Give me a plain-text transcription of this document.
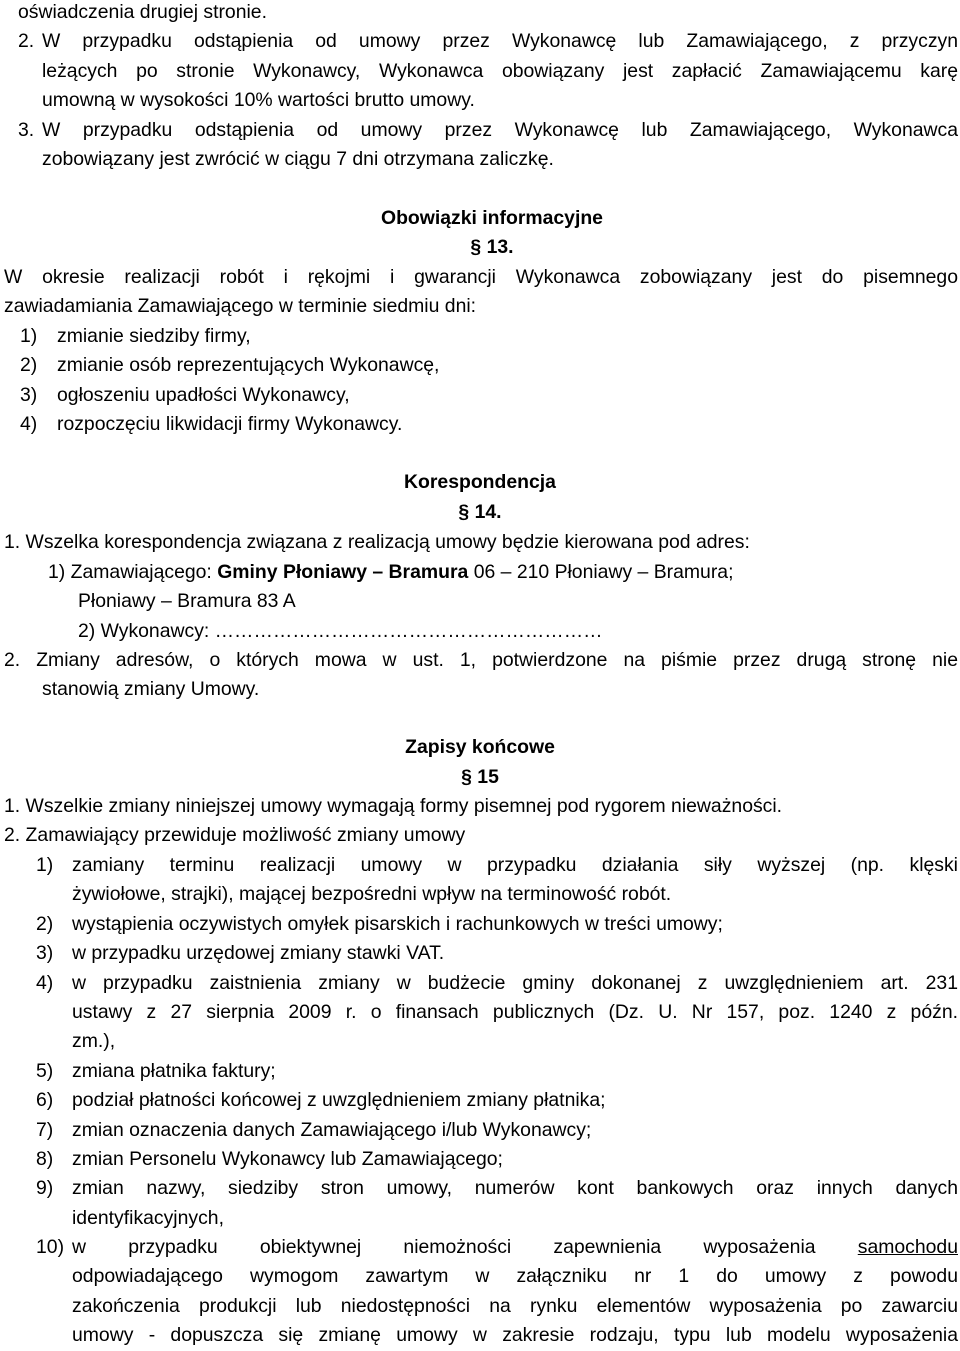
oświadczenia drugiej stronie.
2. W przypadku odstąpienia od umowy przez Wykonawcę lub Zamawiającego, z przyczyn
leżących po stronie Wykonawcy, Wykonawca obowiązany jest zapłacić Zamawiającemu karę
umowną w wysokości 10% wartości brutto umowy.
3. W przypadku odstąpienia od umowy przez Wykonawcę lub Zamawiającego, Wykonawca
zobowiązany jest zwrócić w ciągu 7 dni otrzymana zaliczkę.
Obowiązki informacyjne
§ 13.
W okresie realizacji robót i rękojmi i gwarancji Wykonawca zobowiązany jest do pisemnego
zawiadamiania Zamawiającego w terminie siedmiu dni:
1) zmianie siedziby firmy,
2) zmianie osób reprezentujących Wykonawcę,
3) ogłoszeniu upadłości Wykonawcy,
4) rozpoczęciu likwidacji firmy Wykonawcy.
Korespondencja
§ 14.
1. Wszelka korespondencja związana z realizacją umowy będzie kierowana pod adres:
1) Zamawiającego: Gminy Płoniawy – Bramura 06 – 210 Płoniawy – Bramura;
Płoniawy – Bramura 83 A
2) Wykonawcy: ……………………………………………………
2. Zmiany adresów, o których mowa w ust. 1, potwierdzone na piśmie przez drugą stronę nie
stanowią zmiany Umowy.
Zapisy końcowe
§ 15
1. Wszelkie zmiany niniejszej umowy wymagają formy pisemnej pod rygorem nieważności.
2. Zamawiający przewiduje możliwość zmiany umowy
1) zamiany terminu realizacji umowy w przypadku działania siły wyższej (np. klęski
żywiołowe, strajki), mającej bezpośredni wpływ na terminowość robót.
2) wystąpienia oczywistych omyłek pisarskich i rachunkowych w treści umowy;
3) w przypadku urzędowej zmiany stawki VAT.
4) w przypadku zaistnienia zmiany w budżecie gminy dokonanej z uwzględnieniem art. 231
ustawy z 27 sierpnia 2009 r. o finansach publicznych (Dz. U. Nr 157, poz. 1240 z późn.
zm.),
5) zmiana płatnika faktury;
6) podział płatności końcowej z uwzględnieniem zmiany płatnika;
7) zmian oznaczenia danych Zamawiającego i/lub Wykonawcy;
8) zmian Personelu Wykonawcy lub Zamawiającego;
9) zmian nazwy, siedziby stron umowy, numerów kont bankowych oraz innych danych
identyfikacyjnych,
10) w przypadku obiektywnej niemożności zapewnienia wyposażenia samochodu
odpowiadającego wymogom zawartym w załączniku nr 1 do umowy z powodu
zakończenia produkcji lub niedostępności na rynku elementów wyposażenia po zawarciu
umowy - dopuszcza się zmianę umowy w zakresie rodzaju, typu lub modelu wyposażenia
